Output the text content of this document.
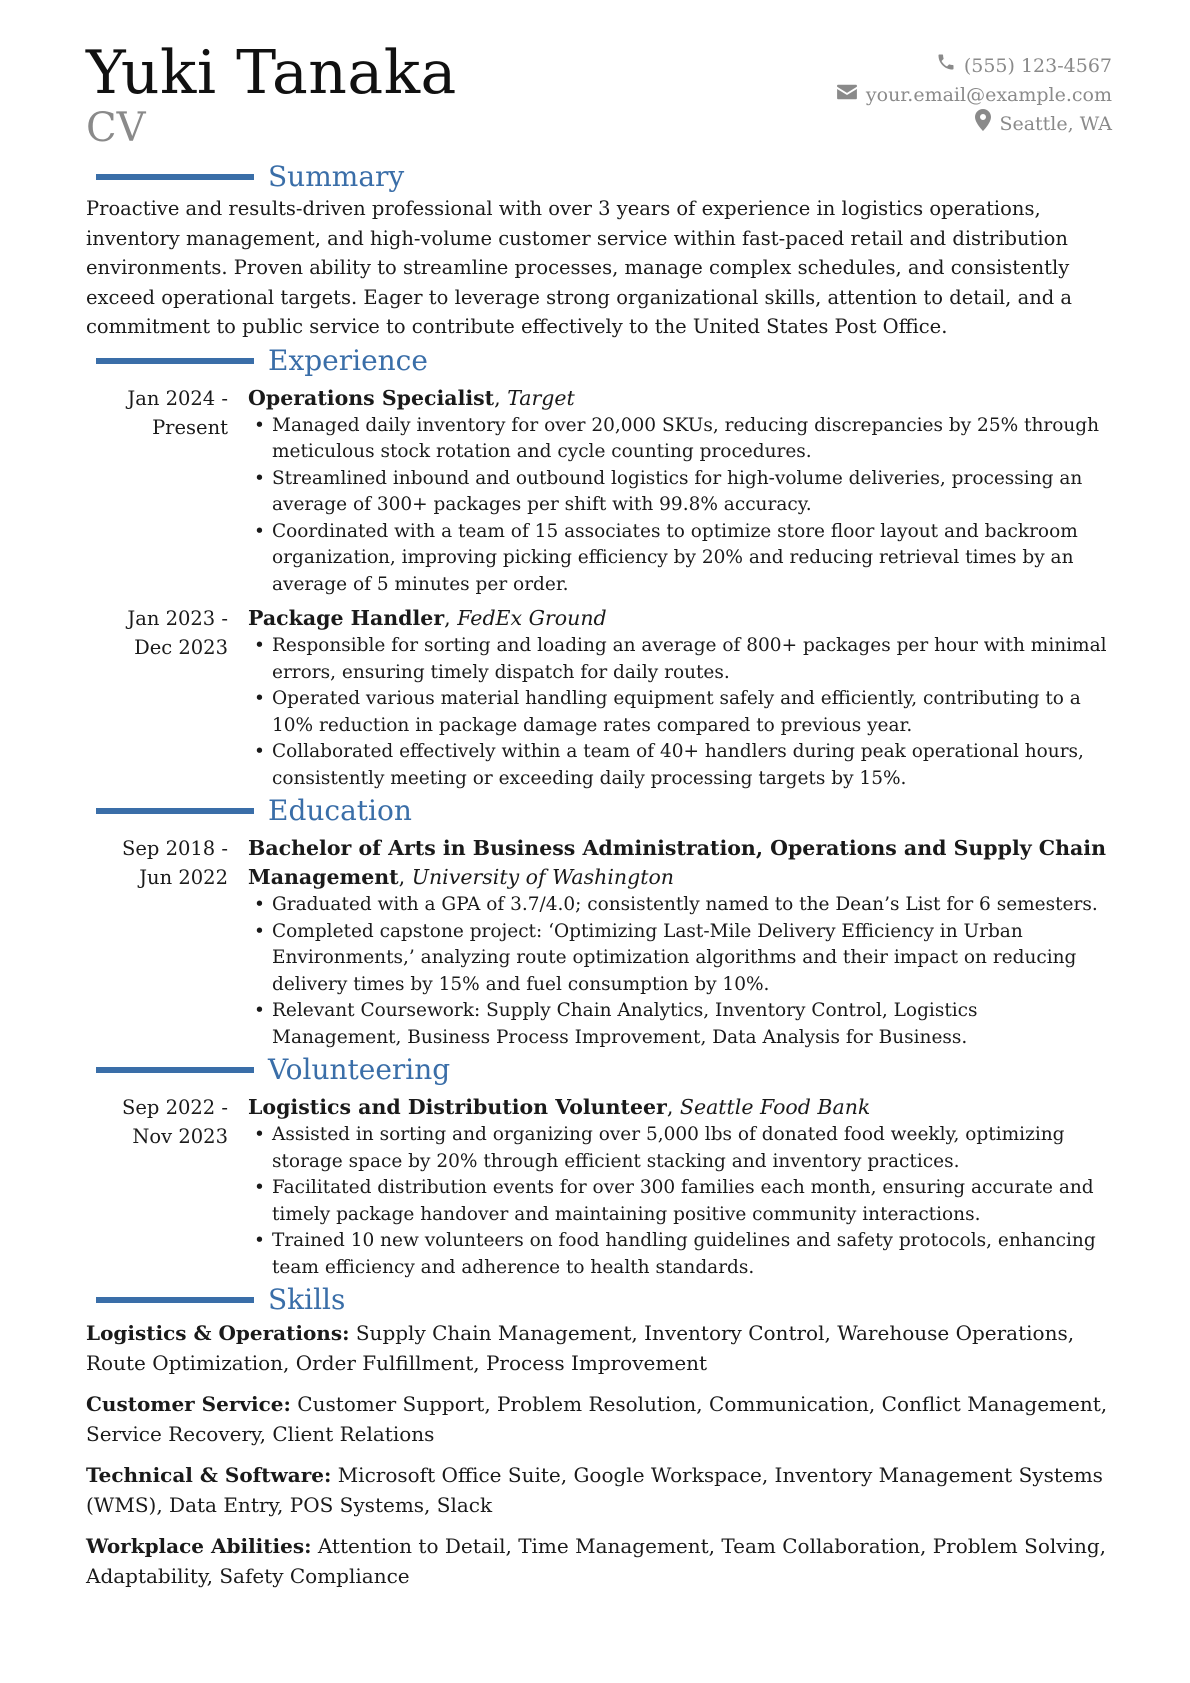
Yuki Tanaka
CV
(555) 123-4567
your.email@example.com
Seattle, WA
Summary

Proactive and results-driven professional with over 3 years of experience in logistics operations, inventory management, and high-volume customer service within fast-paced retail and distribution environments. Proven ability to streamline processes, manage complex schedules, and consistently exceed operational targets. Eager to leverage strong organizational skills, attention to detail, and a commitment to public service to contribute effectively to the United States Post Office.

Experience
Jan 2024 - Present
Operations Specialist, Target
• Managed daily inventory for over 20,000 SKUs, reducing discrepancies by 25% through meticulous stock rotation and cycle counting procedures.
• Streamlined inbound and outbound logistics for high-volume deliveries, processing an average of 300+ packages per shift with 99.8% accuracy.
• Coordinated with a team of 15 associates to optimize store floor layout and backroom organization, improving picking efficiency by 20% and reducing retrieval times by an average of 5 minutes per order.
Jan 2023 - Dec 2023
Package Handler, FedEx Ground
• Responsible for sorting and loading an average of 800+ packages per hour with minimal errors, ensuring timely dispatch for daily routes.
• Operated various material handling equipment safely and efficiently, contributing to a 10% reduction in package damage rates compared to previous year.
• Collaborated effectively within a team of 40+ handlers during peak operational hours, consistently meeting or exceeding daily processing targets by 15%.
Education
Sep 2018 - Jun 2022
Bachelor of Arts in Business Administration, Operations and Supply Chain Management, University of Washington
• Graduated with a GPA of 3.7/4.0; consistently named to the Dean’s List for 6 semesters.
• Completed capstone project: ‘Optimizing Last-Mile Delivery Efficiency in Urban Environments,’ analyzing route optimization algorithms and their impact on reducing delivery times by 15% and fuel consumption by 10%.
• Relevant Coursework: Supply Chain Analytics, Inventory Control, Logistics Management, Business Process Improvement, Data Analysis for Business.
Volunteering
Sep 2022 - Nov 2023
Logistics and Distribution Volunteer, Seattle Food Bank
• Assisted in sorting and organizing over 5,000 lbs of donated food weekly, optimizing storage space by 20% through efficient stacking and inventory practices.
• Facilitated distribution events for over 300 families each month, ensuring accurate and timely package handover and maintaining positive community interactions.
• Trained 10 new volunteers on food handling guidelines and safety protocols, enhancing team efficiency and adherence to health standards.
Skills
Logistics & Operations: Supply Chain Management, Inventory Control, Warehouse Operations, Route Optimization, Order Fulfillment, Process Improvement
Customer Service: Customer Support, Problem Resolution, Communication, Conflict Management, Service Recovery, Client Relations
Technical & Software: Microsoft Office Suite, Google Workspace, Inventory Management Systems (WMS), Data Entry, POS Systems, Slack
Workplace Abilities: Attention to Detail, Time Management, Team Collaboration, Problem Solving, Adaptability, Safety Compliance
